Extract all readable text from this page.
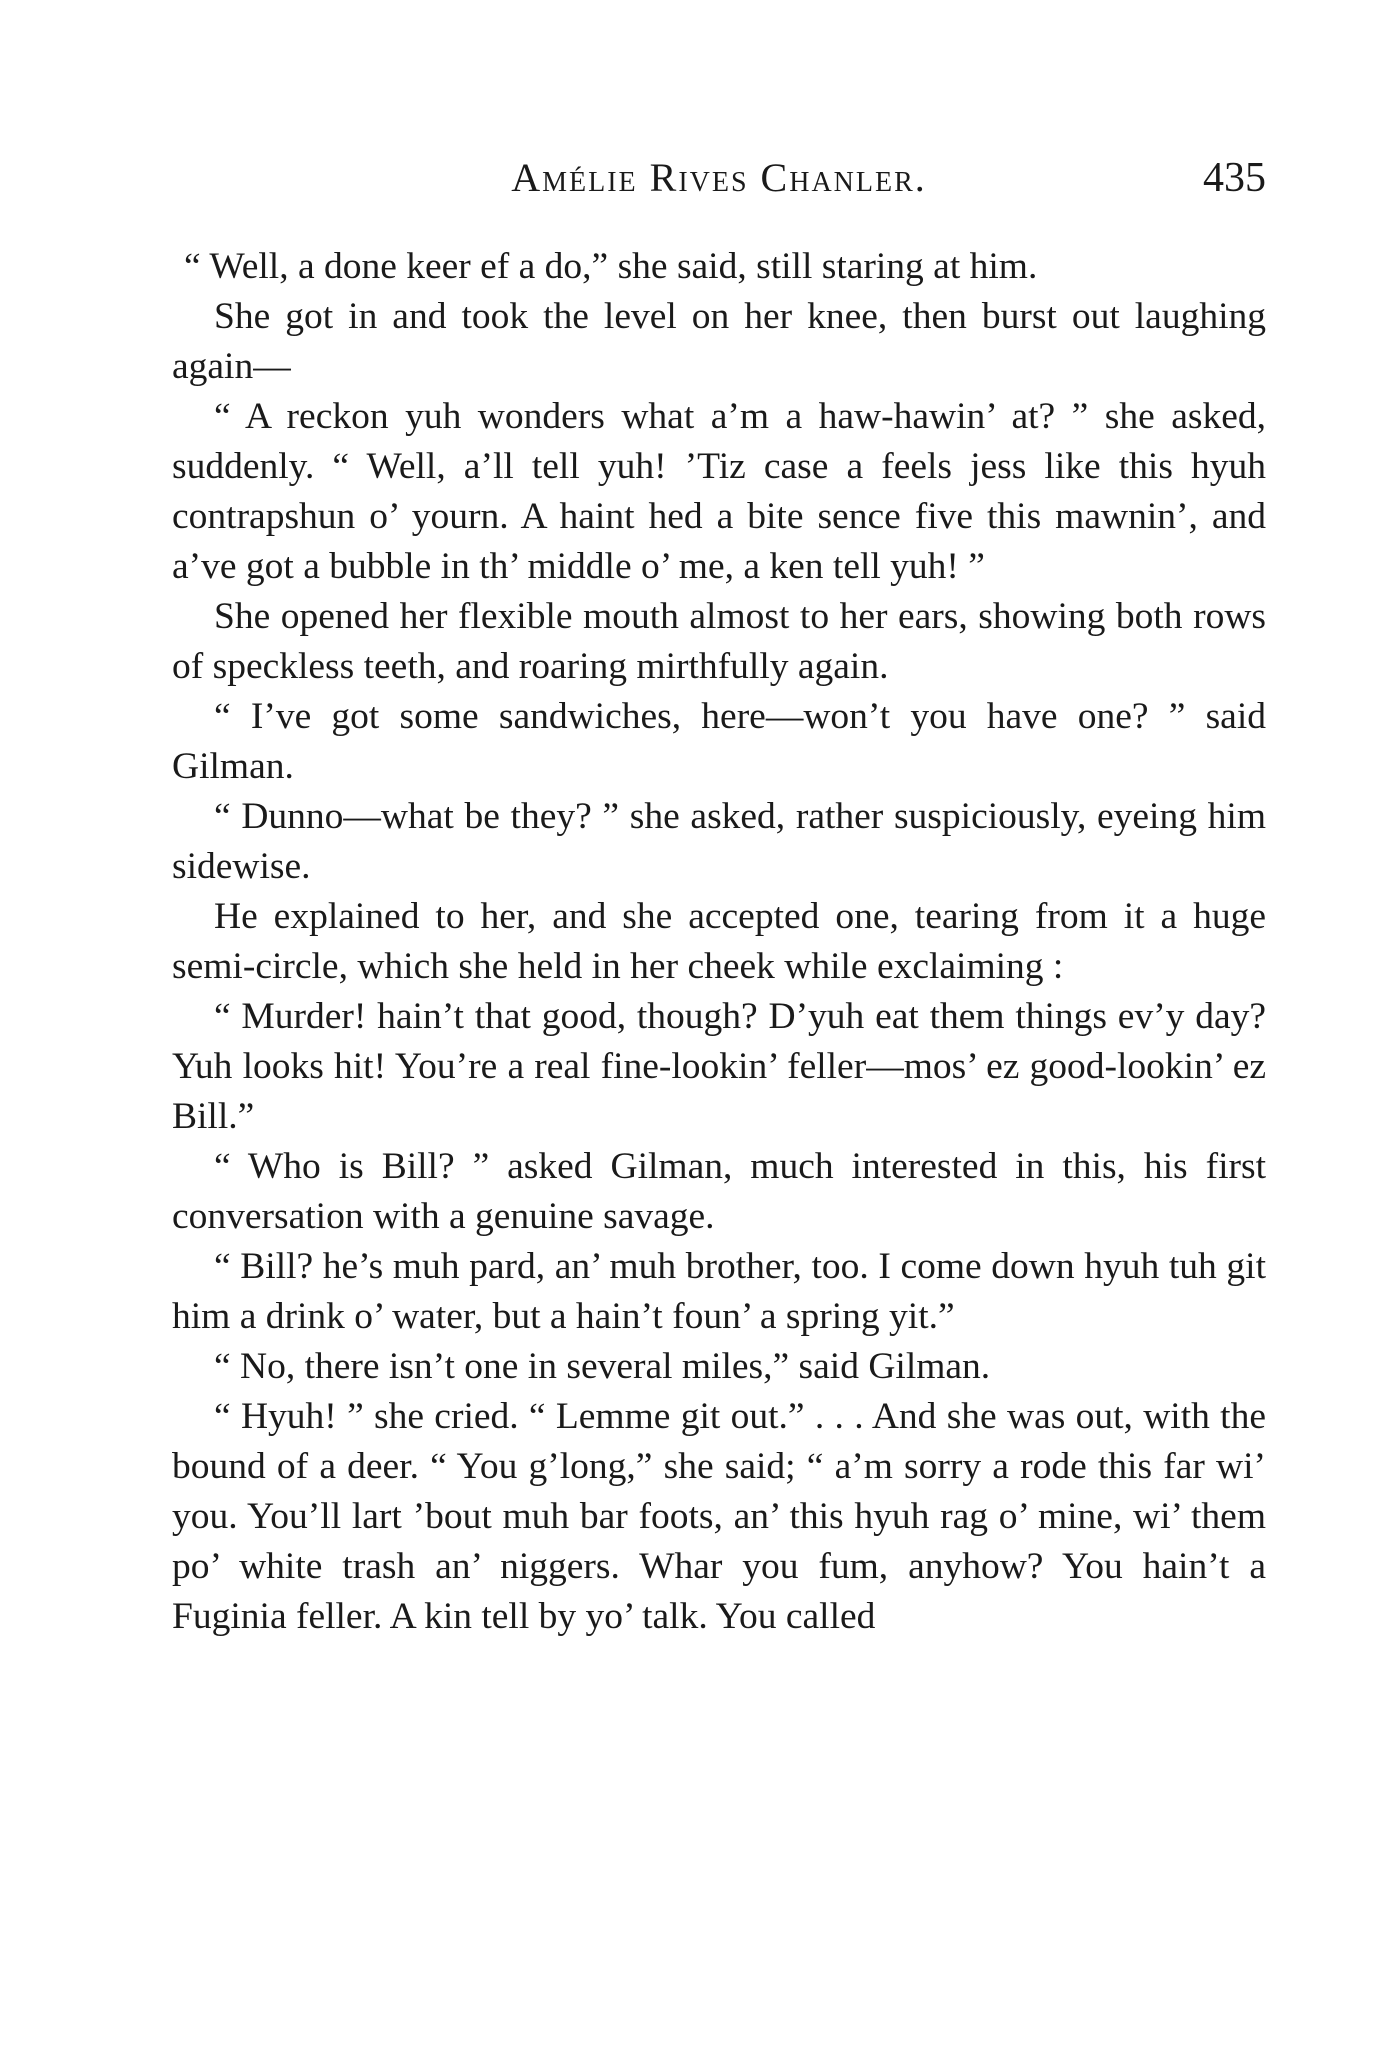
Amélie Rives Chanler.	435

“ Well, a done keer ef a do,” she said, still staring at him.

She got in and took the level on her knee, then burst out laughing again—

“ A reckon yuh wonders what a’m a haw-hawin’ at? ” she asked, suddenly. “ Well, a’ll tell yuh! ’Tiz case a feels jess like this hyuh contrapshun o’ yourn. A haint hed a bite sence five this mawnin’, and a’ve got a bubble in th’ middle o’ me, a ken tell yuh! ”

She opened her flexible mouth almost to her ears, showing both rows of speckless teeth, and roaring mirthfully again.

“ I’ve got some sandwiches, here—won’t you have one? ” said Gilman.

“ Dunno—what be they? ” she asked, rather suspiciously, eyeing him sidewise.

He explained to her, and she accepted one, tearing from it a huge semi-circle, which she held in her cheek while exclaiming :

“ Murder! hain’t that good, though? D’yuh eat them things ev’y day? Yuh looks hit! You’re a real fine-lookin’ feller—mos’ ez good-lookin’ ez Bill.”

“ Who is Bill? ” asked Gilman, much interested in this, his first conversation with a genuine savage.

“ Bill? he’s muh pard, an’ muh brother, too. I come down hyuh tuh git him a drink o’ water, but a hain’t foun’ a spring yit.”

“ No, there isn’t one in several miles,” said Gilman.

“ Hyuh! ” she cried. “ Lemme git out.” . . . And she was out, with the bound of a deer. “ You g’long,” she said; “ a’m sorry a rode this far wi’ you. You’ll lart ’bout muh bar foots, an’ this hyuh rag o’ mine, wi’ them po’ white trash an’ niggers. Whar you fum, anyhow? You hain’t a Fuginia feller. A kin tell by yo’ talk. You called
